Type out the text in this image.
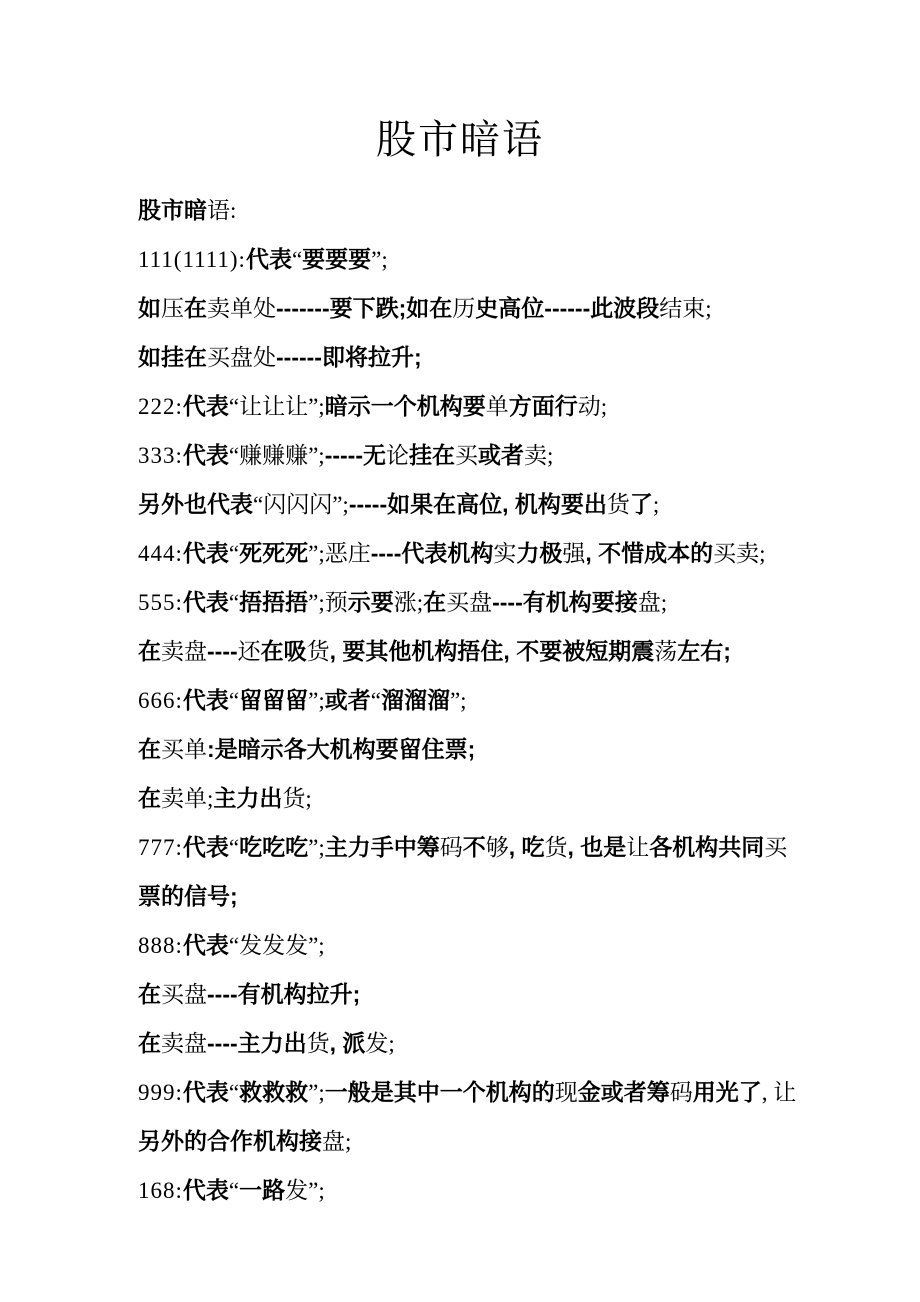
股市暗语
股市暗 语:
111(1111): 代表 “ 要要要 ”;
如 压 在 卖单处 -------要下跌;如在 历 史高位------此波段 结束;
如挂在 买盘处 ------即将拉升;
222: 代表 “让让让”; 暗示一个机构要 单 方面行 动;
333: 代表 “赚赚赚”; -----无 论 挂在 买 或者 卖;
另外也代表 “闪闪闪”; -----如果在高位, 机构要出 货 了 ;
444: 代表 “ 死死死 ”; 恶庄 ----代表机构 实 力极 强 , 不惜成本的 买卖;
555: 代表 “ 捂捂捂 ”; 预 示要 涨; 在 买盘 ----有机构要接 盘;
在 卖盘 ---- 还 在吸 货 , 要其他机构捂住, 不要被短期震 荡 左右;
666: 代表 “ 留留留 ”; 或者 “ 溜溜溜 ”;
在 买单 :是暗示各大机构要留住票;
在 卖单; 主力出 货;
777: 代表 “ 吃吃吃 ”; 主力手中筹 码 不 够 , 吃 货 , 也是 让 各机构共同 买
票的信号;
888: 代表 “发发发”;
在 买盘 ----有机构拉升;
在 卖盘 ----主力出 货 , 派 发;
999: 代表 “ 救救救 ”; 一般是其中一个机构的 现 金或者筹 码 用光了 , 让
另外的合作机构接 盘;
168: 代表 “ 一路 发”;
